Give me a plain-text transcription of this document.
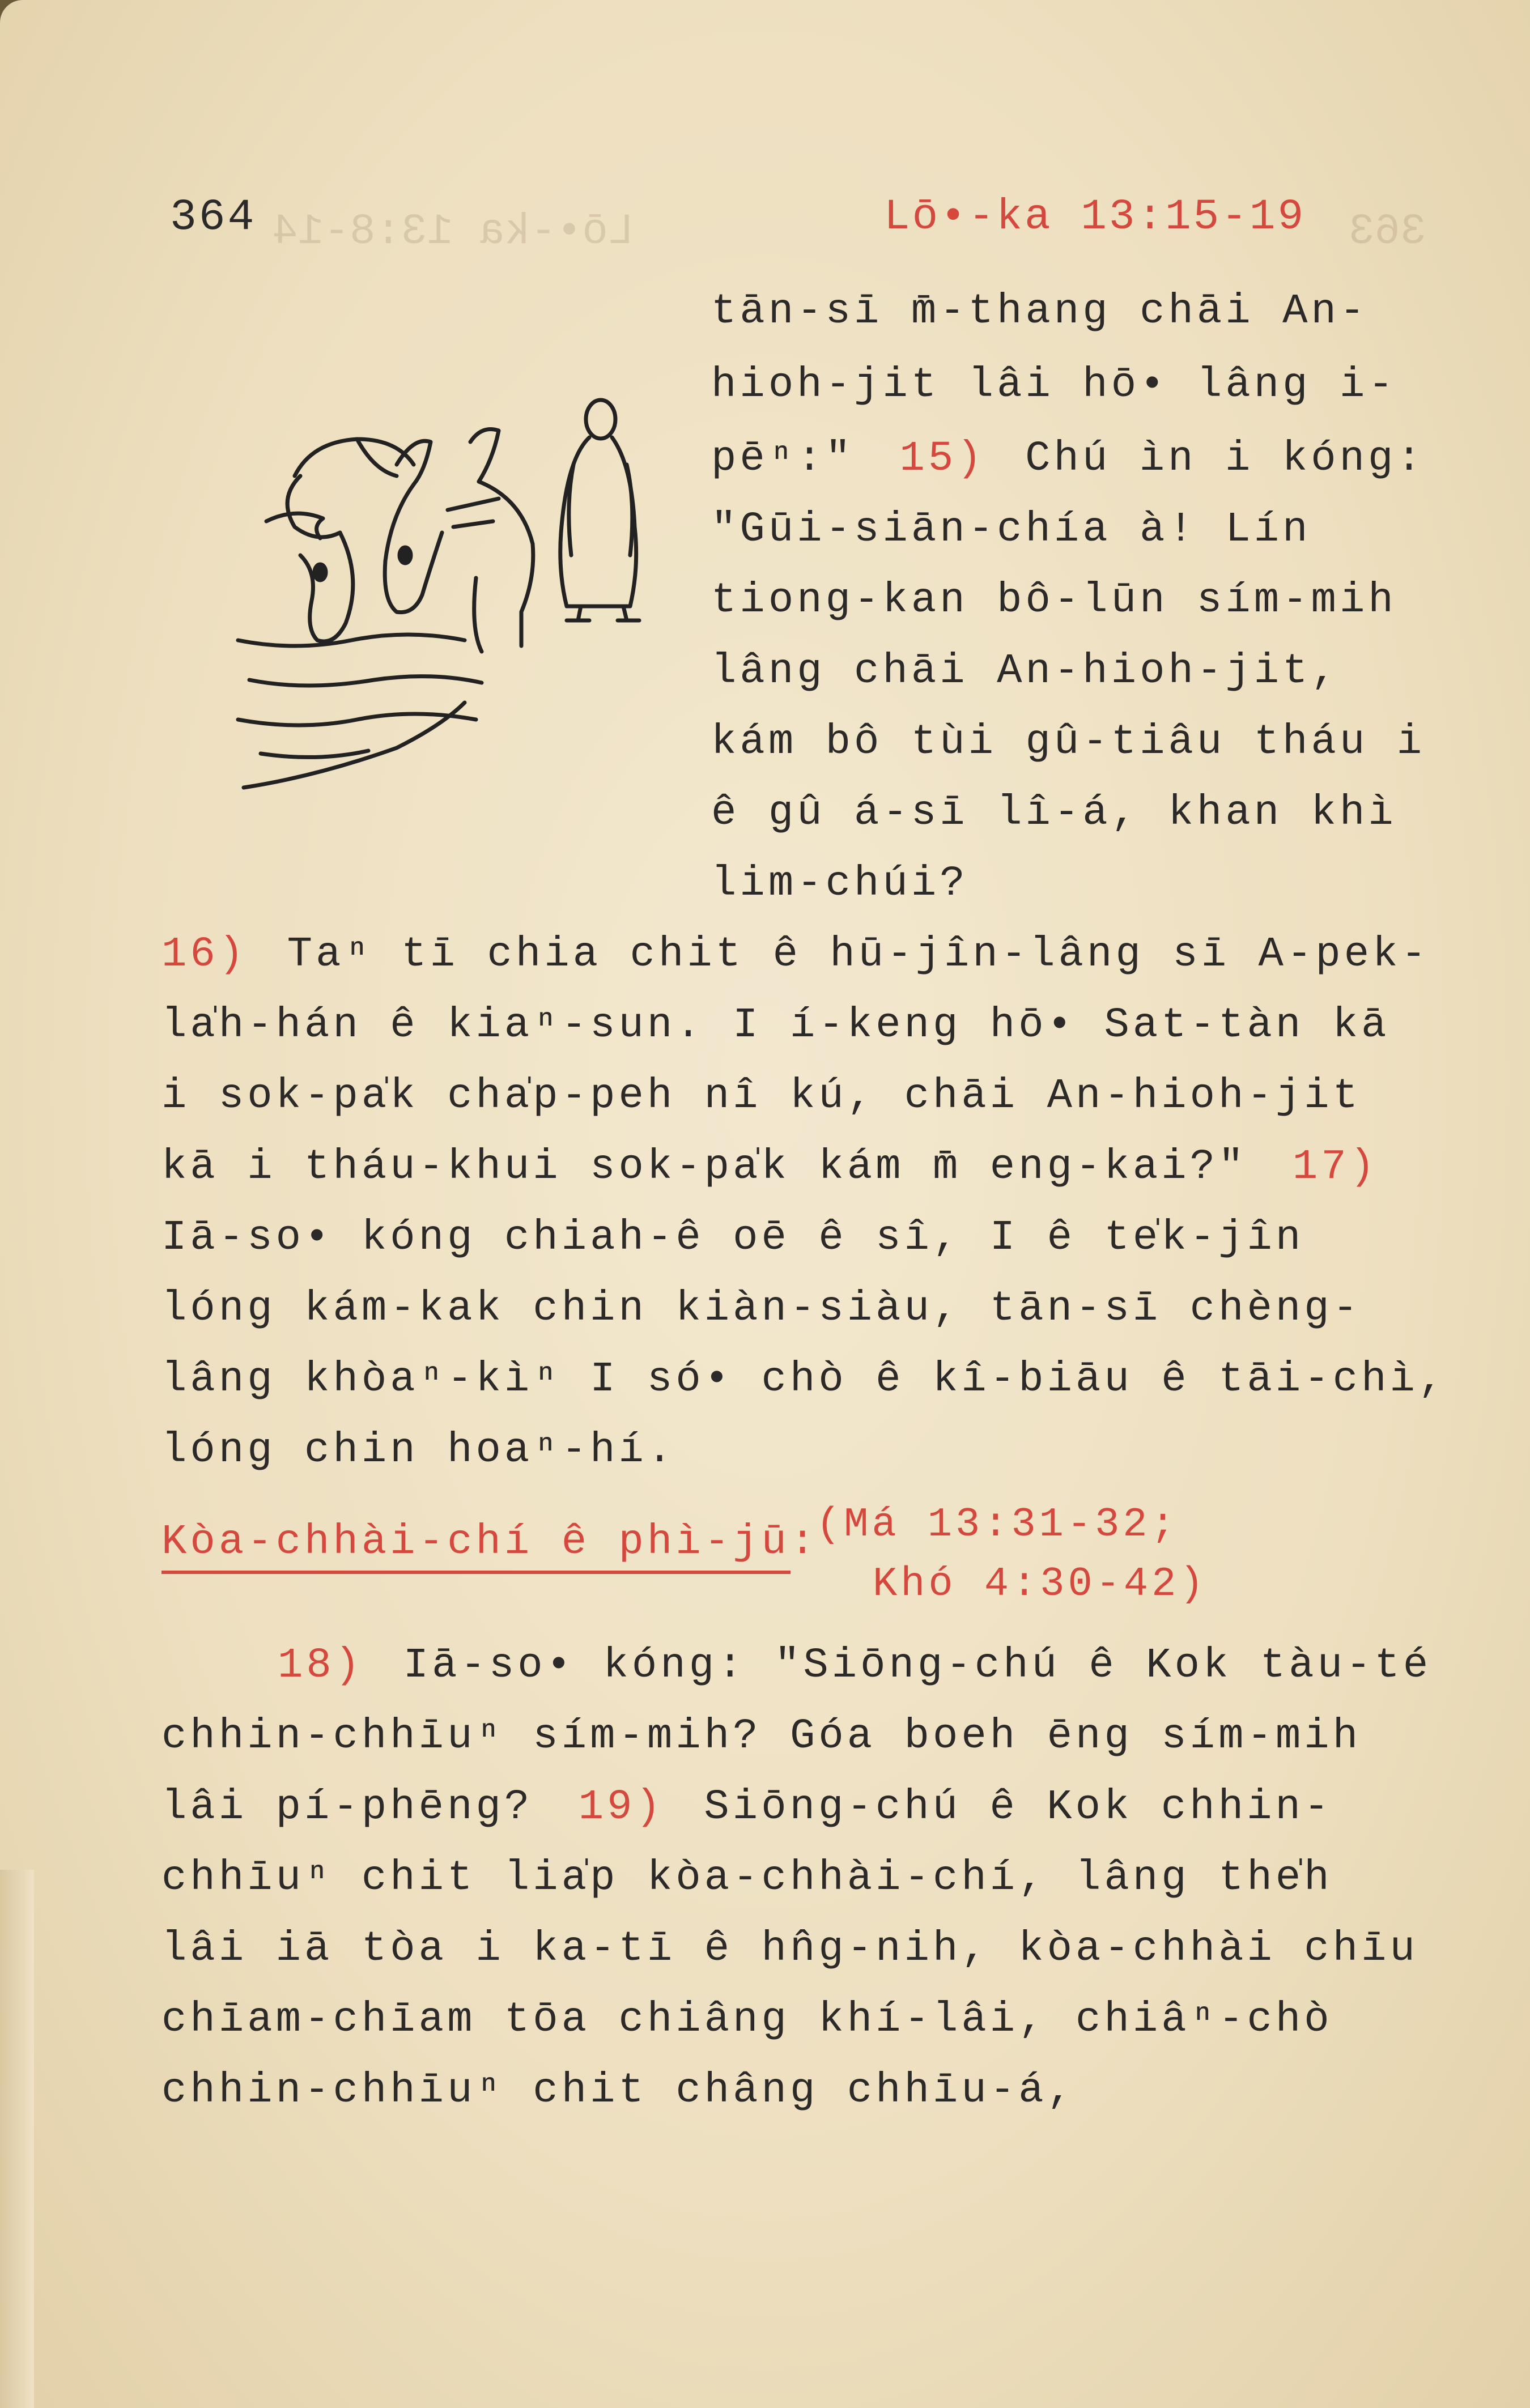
Lō•-ka 13:8-14	363
364	Lō•-ka 13:15-19
tān-sī m̄-thang chāi An-
hioh-jit lâi hō• lâng i-
pēⁿ:" 15) Chú ìn i kóng:
"Gūi-siān-chía à! Lín
tiong-kan bô-lūn sím-mih
lâng chāi An-hioh-jit,
kám bô tùi gû-tiâu tháu i
ê gû á-sī lî-á, khan khì
lim-chúi?
16) Taⁿ tī chia chit ê hū-jîn-lâng sī A-pek-
la̍h-hán ê kiaⁿ-sun. I í-keng hō• Sat-tàn kā
i sok-pa̍k cha̍p-peh nî kú, chāi An-hioh-jit
kā i tháu-khui sok-pa̍k kám m̄ eng-kai?" 17)
Iā-so• kóng chiah-ê oē ê sî, I ê te̍k-jîn
lóng kám-kak chin kiàn-siàu, tān-sī chèng-
lâng khòaⁿ-kìⁿ I só• chò ê kî-biāu ê tāi-chì,
lóng chin hoaⁿ-hí.
Kòa-chhài-chí ê phì-jū:
(Má 13:31-32;
Khó 4:30-42)
18) Iā-so• kóng: "Siōng-chú ê Kok tàu-té
chhin-chhīuⁿ sím-mih? Góa boeh ēng sím-mih
lâi pí-phēng? 19) Siōng-chú ê Kok chhin-
chhīuⁿ chit lia̍p kòa-chhài-chí, lâng the̍h
lâi iā tòa i ka-tī ê hn̂g-nih, kòa-chhài chīu
chīam-chīam tōa chiâng khí-lâi, chiâⁿ-chò
chhin-chhīuⁿ chit châng chhīu-á,
